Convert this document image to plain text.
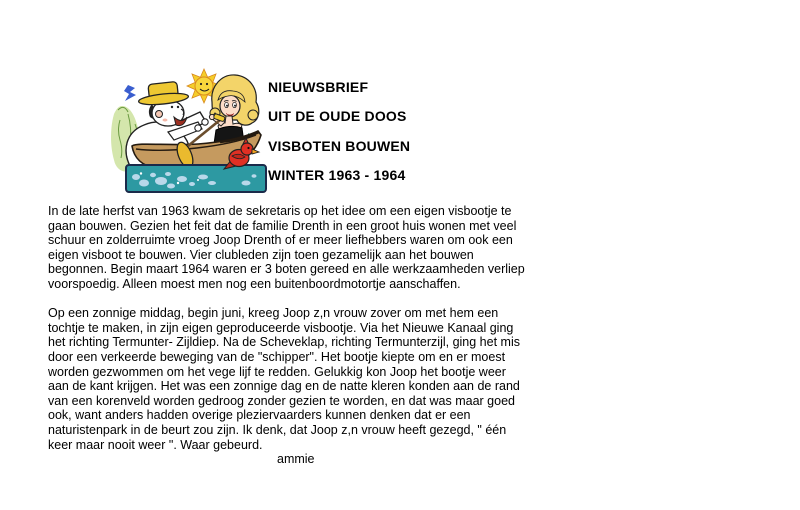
NIEUWSBRIEF
UIT DE OUDE DOOS
VISBOTEN BOUWEN
WINTER 1963 - 1964
In de late herfst van 1963 kwam de sekretaris op het idee om een eigen visbootje te
gaan bouwen. Gezien het feit dat de familie Drenth in een groot huis wonen met veel
schuur en zolderruimte vroeg Joop Drenth of er meer liefhebbers waren om ook een
eigen visboot te bouwen. Vier clubleden zijn toen gezamelijk aan het bouwen
begonnen. Begin maart 1964 waren er 3 boten gereed en alle werkzaamheden verliep
voorspoedig. Alleen moest men nog een buitenboordmotortje aanschaffen.
Op een zonnige middag, begin juni, kreeg Joop z,n vrouw zover om met hem een
tochtje te maken, in zijn eigen geproduceerde visbootje. Via het Nieuwe Kanaal ging
het richting Termunter- Zijldiep. Na de Scheveklap, richting Termunterzijl, ging het mis
door een verkeerde beweging van de "schipper". Het bootje kiepte om en er moest
worden gezwommen om het vege lijf te redden. Gelukkig kon Joop het bootje weer
aan de kant krijgen. Het was een zonnige dag en de natte kleren konden aan de rand
van een korenveld worden gedroog zonder gezien te worden, en dat was maar goed
ook, want anders hadden overige pleziervaarders kunnen denken dat er een
naturistenpark in de beurt zou zijn. Ik denk, dat Joop z,n vrouw heeft gezegd, " één
keer maar nooit weer ". Waar gebeurd.
ammie
